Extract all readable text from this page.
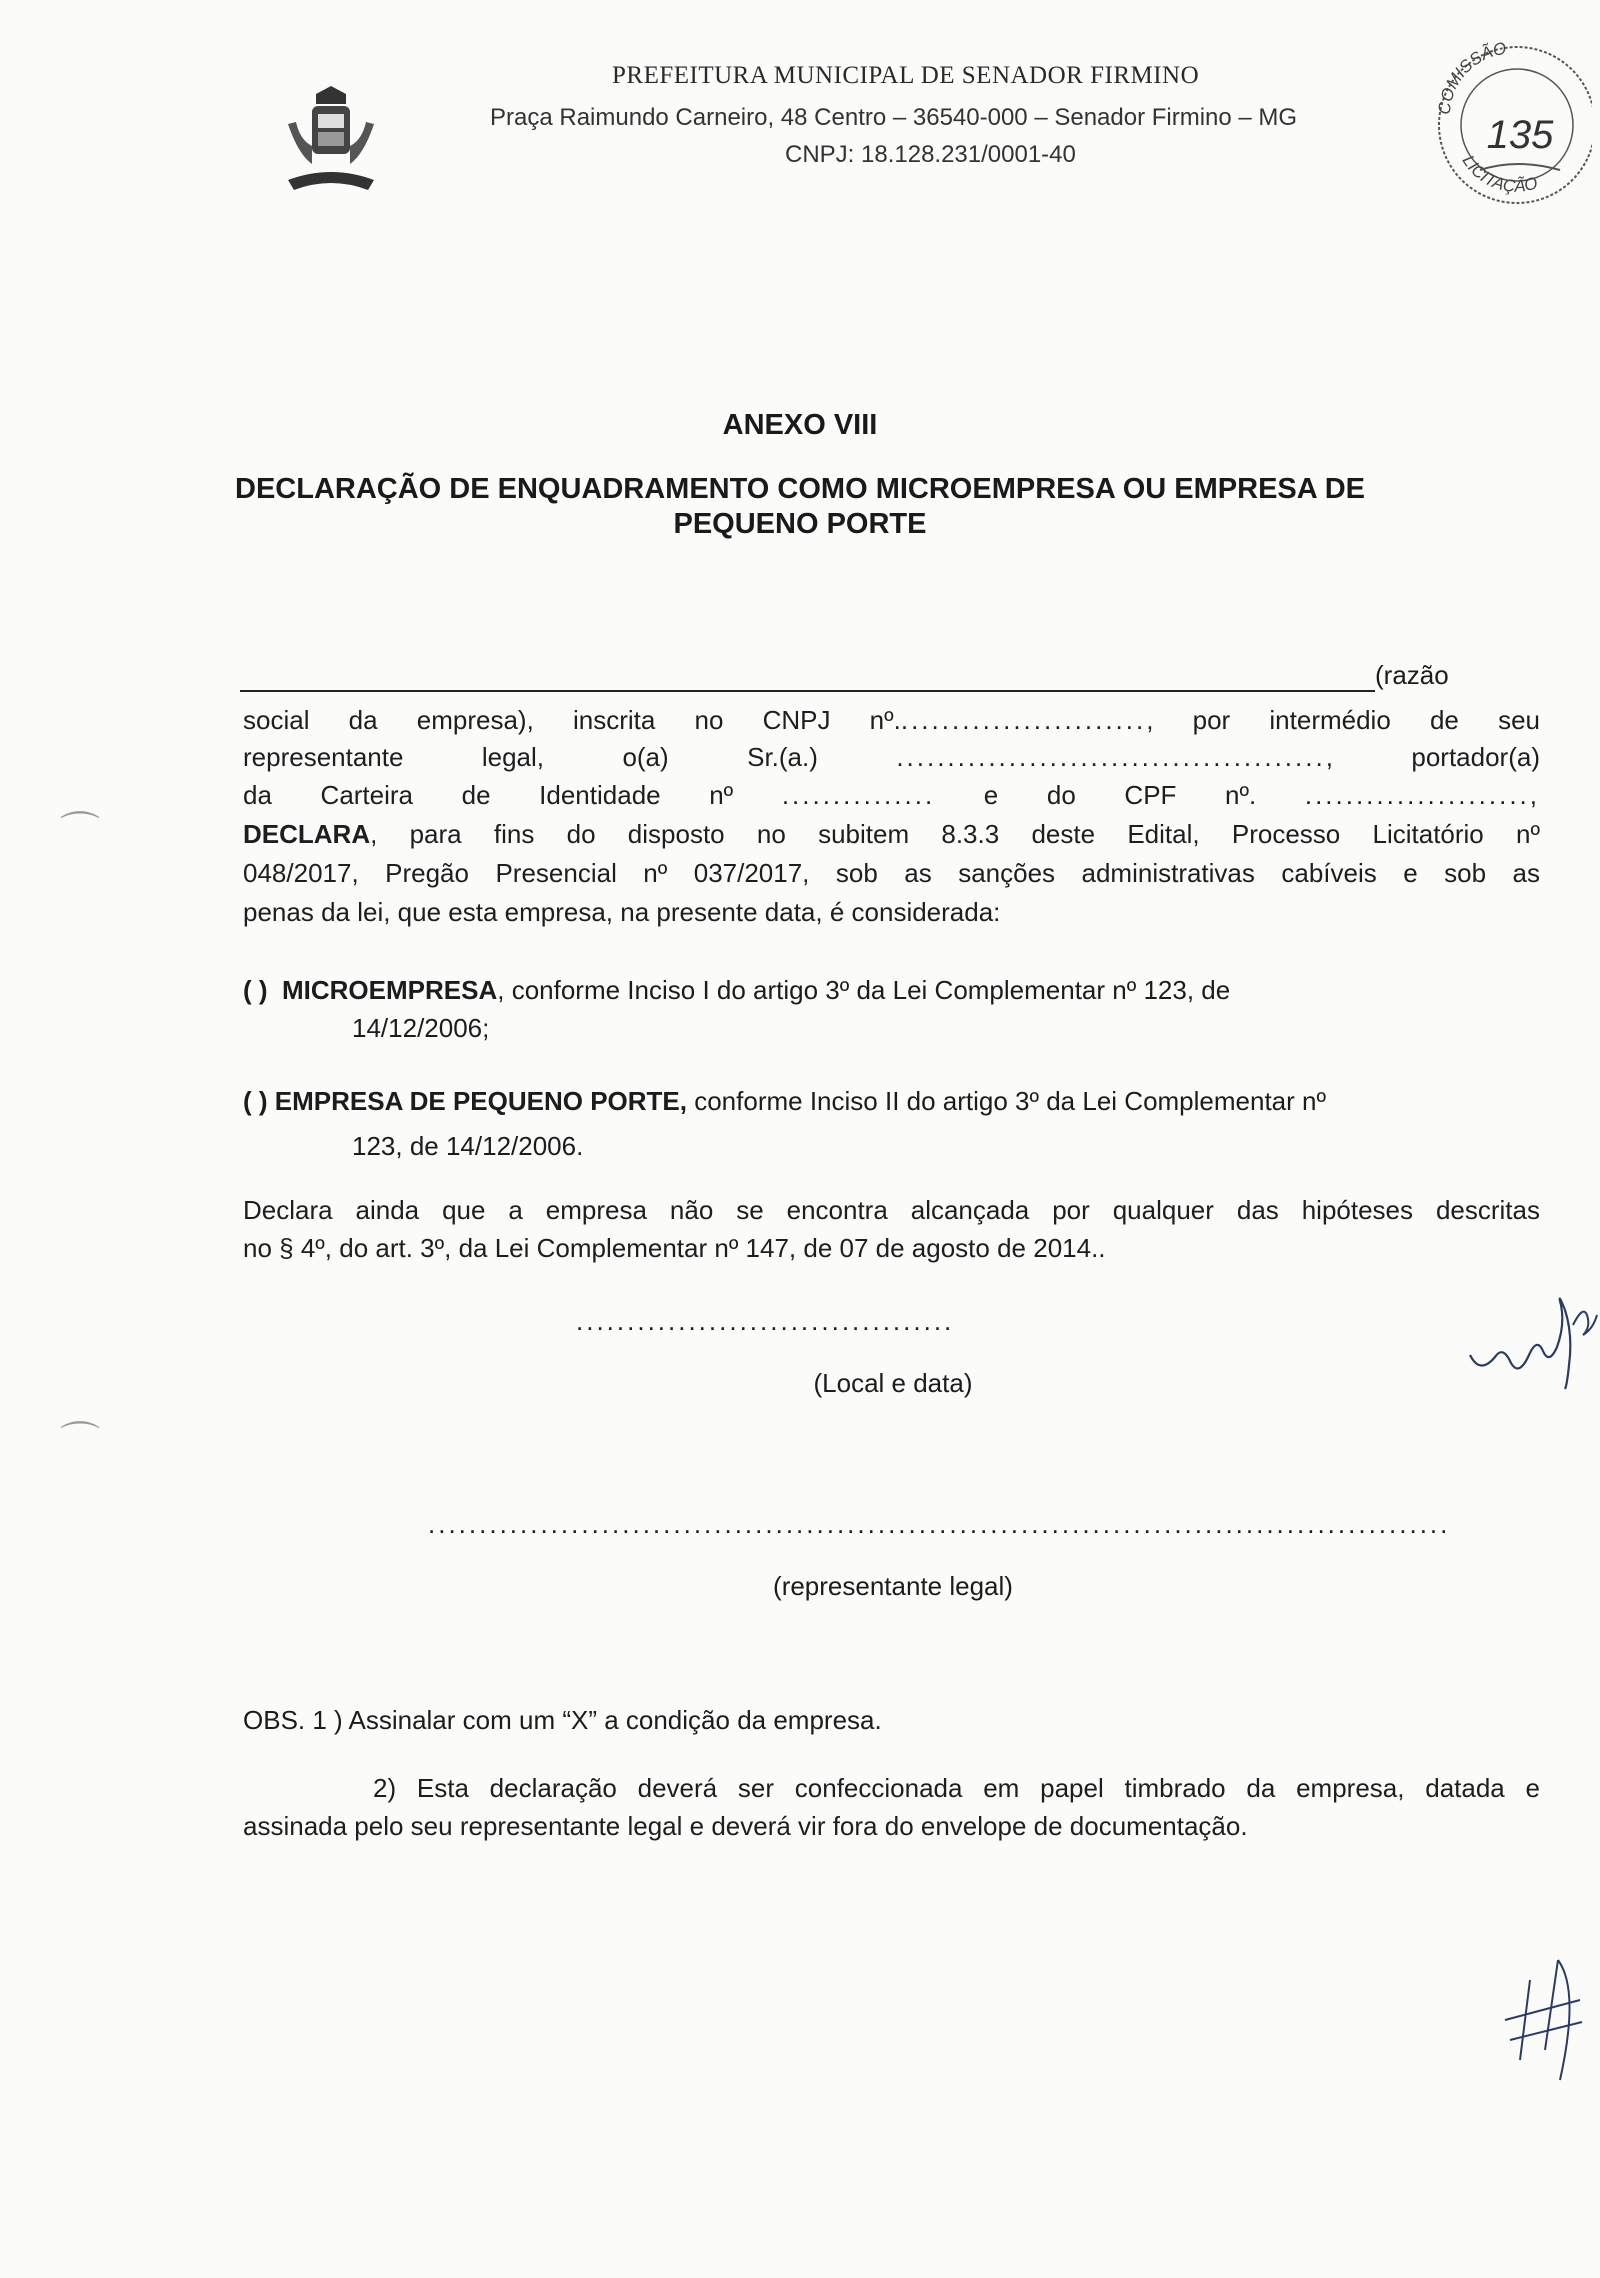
PREFEITURA MUNICIPAL DE SENADOR FIRMINO
Praça Raimundo Carneiro, 48 Centro – 36540-000 – Senador Firmino – MG
CNPJ: 18.128.231/0001-40
COMISSÃO
LICITAÇÃO
135

ANEXO VIII
DECLARAÇÃO DE ENQUADRAMENTO COMO MICROEMPRESA OU EMPRESA DE
PEQUENO PORTE
(razão
social da empresa), inscrita no CNPJ nº........................., por intermédio de seu
representante legal, o(a) Sr.(a.)	.........................................., portador(a)
da Carteira de Identidade nº ............... e do CPF nº. ......................,
DECLARA, para fins do disposto no subitem 8.3.3 deste Edital, Processo Licitatório nº
048/2017, Pregão Presencial nº 037/2017, sob as sanções administrativas cabíveis e sob as
penas da lei, que esta empresa, na presente data, é considerada:
( ) MICROEMPRESA, conforme Inciso I do artigo 3º da Lei Complementar nº 123, de
14/12/2006;
( ) EMPRESA DE PEQUENO PORTE, conforme Inciso II do artigo 3º da Lei Complementar nº
123, de 14/12/2006.
Declara ainda que a empresa não se encontra alcançada por qualquer das hipóteses descritas
no § 4º, do art. 3º, da Lei Complementar nº 147, de 07 de agosto de 2014..
.....................................
(Local e data)
....................................................................................................
(representante legal)
OBS. 1 ) Assinalar com um “X” a condição da empresa.
2) Esta declaração deverá ser confeccionada em papel timbrado da empresa, datada e
assinada pelo seu representante legal e deverá vir fora do envelope de documentação.
⌒
⌒
